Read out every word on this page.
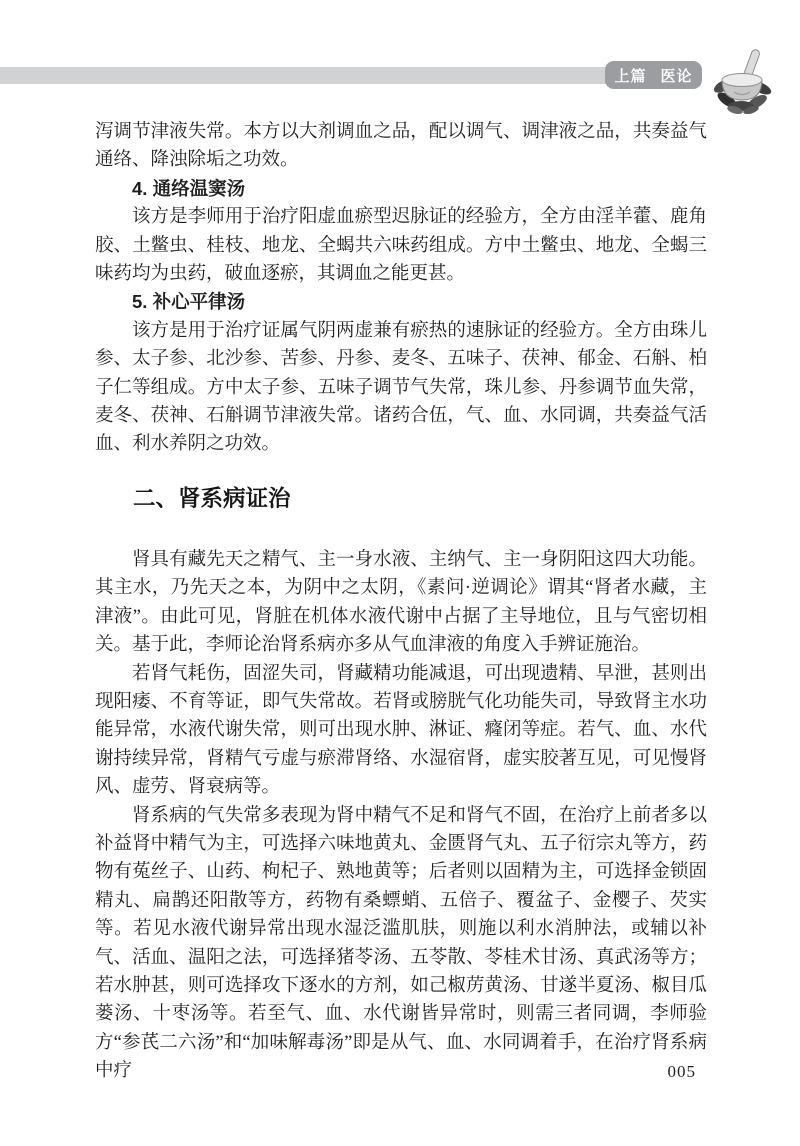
上篇 医论

泻调节津液失常。本方以大剂调血之品，配以调气、调津液之品，共奏益气通络、降浊除垢之功效。

4. 通络温窦汤

该方是李师用于治疗阳虚血瘀型迟脉证的经验方，全方由淫羊藿、鹿角胶、土鳖虫、桂枝、地龙、全蝎共六味药组成。方中土鳖虫、地龙、全蝎三味药均为虫药，破血逐瘀，其调血之能更甚。

5. 补心平律汤

该方是用于治疗证属气阴两虚兼有瘀热的速脉证的经验方。全方由珠儿参、太子参、北沙参、苦参、丹参、麦冬、五味子、茯神、郁金、石斛、柏子仁等组成。方中太子参、五味子调节气失常，珠儿参、丹参调节血失常，麦冬、茯神、石斛调节津液失常。诸药合伍，气、血、水同调，共奏益气活血、利水养阴之功效。

二、肾系病证治

肾具有藏先天之精气、主一身水液、主纳气、主一身阴阳这四大功能。其主水，乃先天之本，为阴中之太阴，《素问·逆调论》谓其“肾者水藏，主津液”。由此可见，肾脏在机体水液代谢中占据了主导地位，且与气密切相关。基于此，李师论治肾系病亦多从气血津液的角度入手辨证施治。

若肾气耗伤，固涩失司，肾藏精功能减退，可出现遗精、早泄，甚则出现阳痿、不育等证，即气失常故。若肾或膀胱气化功能失司，导致肾主水功能异常，水液代谢失常，则可出现水肿、淋证、癃闭等症。若气、血、水代谢持续异常，肾精气亏虚与瘀滞肾络、水湿宿肾，虚实胶著互见，可见慢肾风、虚劳、肾衰病等。

肾系病的气失常多表现为肾中精气不足和肾气不固，在治疗上前者多以补益肾中精气为主，可选择六味地黄丸、金匮肾气丸、五子衍宗丸等方，药物有菟丝子、山药、枸杞子、熟地黄等；后者则以固精为主，可选择金锁固精丸、扁鹊还阳散等方，药物有桑螵蛸、五倍子、覆盆子、金樱子、芡实等。若见水液代谢异常出现水湿泛滥肌肤，则施以利水消肿法，或辅以补气、活血、温阳之法，可选择猪苓汤、五苓散、苓桂术甘汤、真武汤等方；若水肿甚，则可选择攻下逐水的方剂，如己椒苈黄汤、甘遂半夏汤、椒目瓜蒌汤、十枣汤等。若至气、血、水代谢皆异常时，则需三者同调，李师验方“参芪二六汤”和“加味解毒汤”即是从气、血、水同调着手，在治疗肾系病中疗	005
